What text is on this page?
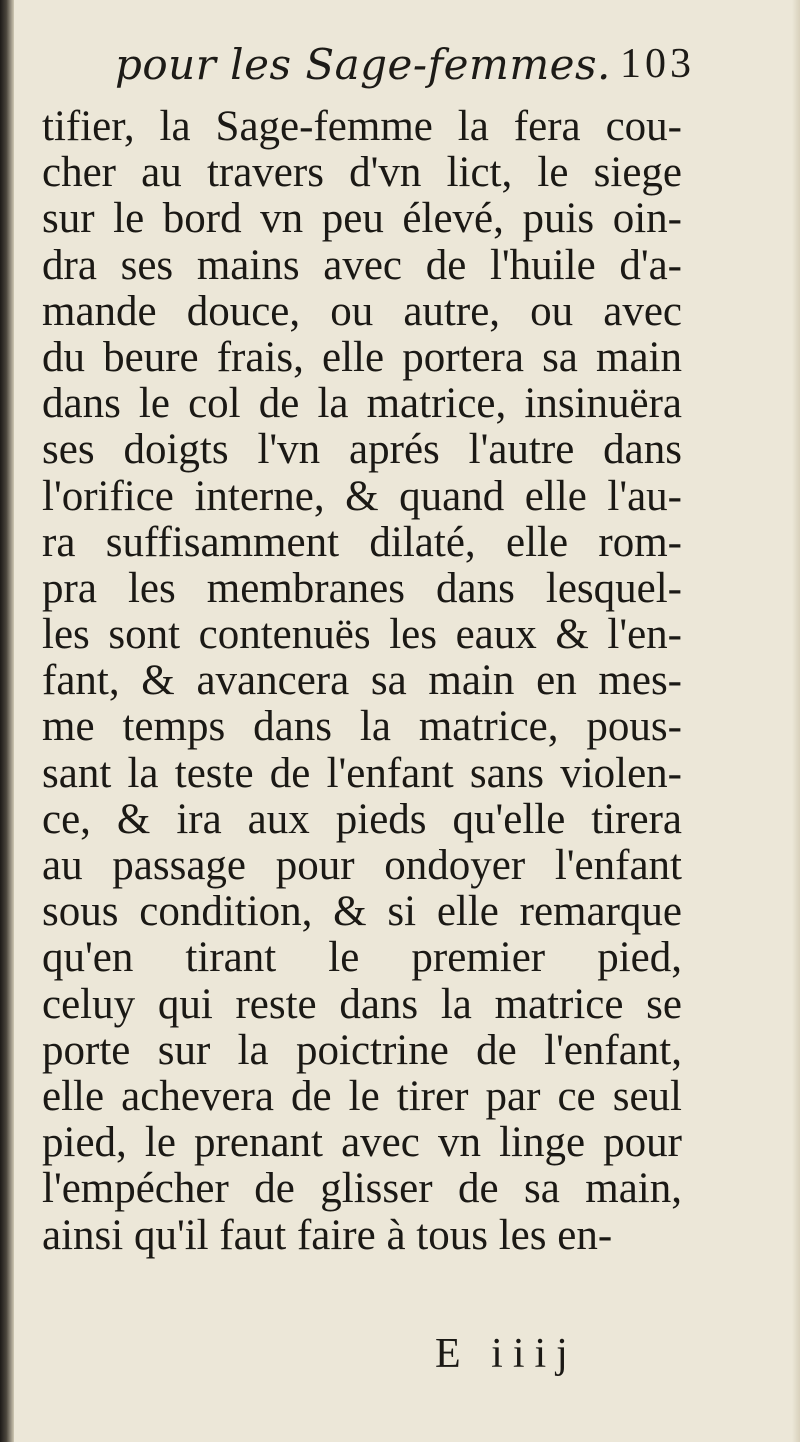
pour les Sage-femmes. 103
tifier, la Sage-femme la fera cou-
cher au travers d'vn lict, le siege
sur le bord vn peu élevé, puis oin-
dra ses mains avec de l'huile d'a-
mande douce, ou autre, ou avec
du beure frais, elle portera sa main
dans le col de la matrice, insinuëra
ses doigts l'vn aprés l'autre dans
l'orifice interne, & quand elle l'au-
ra suffisamment dilaté, elle rom-
pra les membranes dans lesquel-
les sont contenuës les eaux & l'en-
fant, & avancera sa main en mes-
me temps dans la matrice, pous-
sant la teste de l'enfant sans violen-
ce, & ira aux pieds qu'elle tirera
au passage pour ondoyer l'enfant
sous condition, & si elle remarque
qu'en tirant le premier pied,
celuy qui reste dans la matrice se
porte sur la poictrine de l'enfant,
elle achevera de le tirer par ce seul
pied, le prenant avec vn linge pour
l'empécher de glisser de sa main,
ainsi qu'il faut faire à tous les en-
E iiij
